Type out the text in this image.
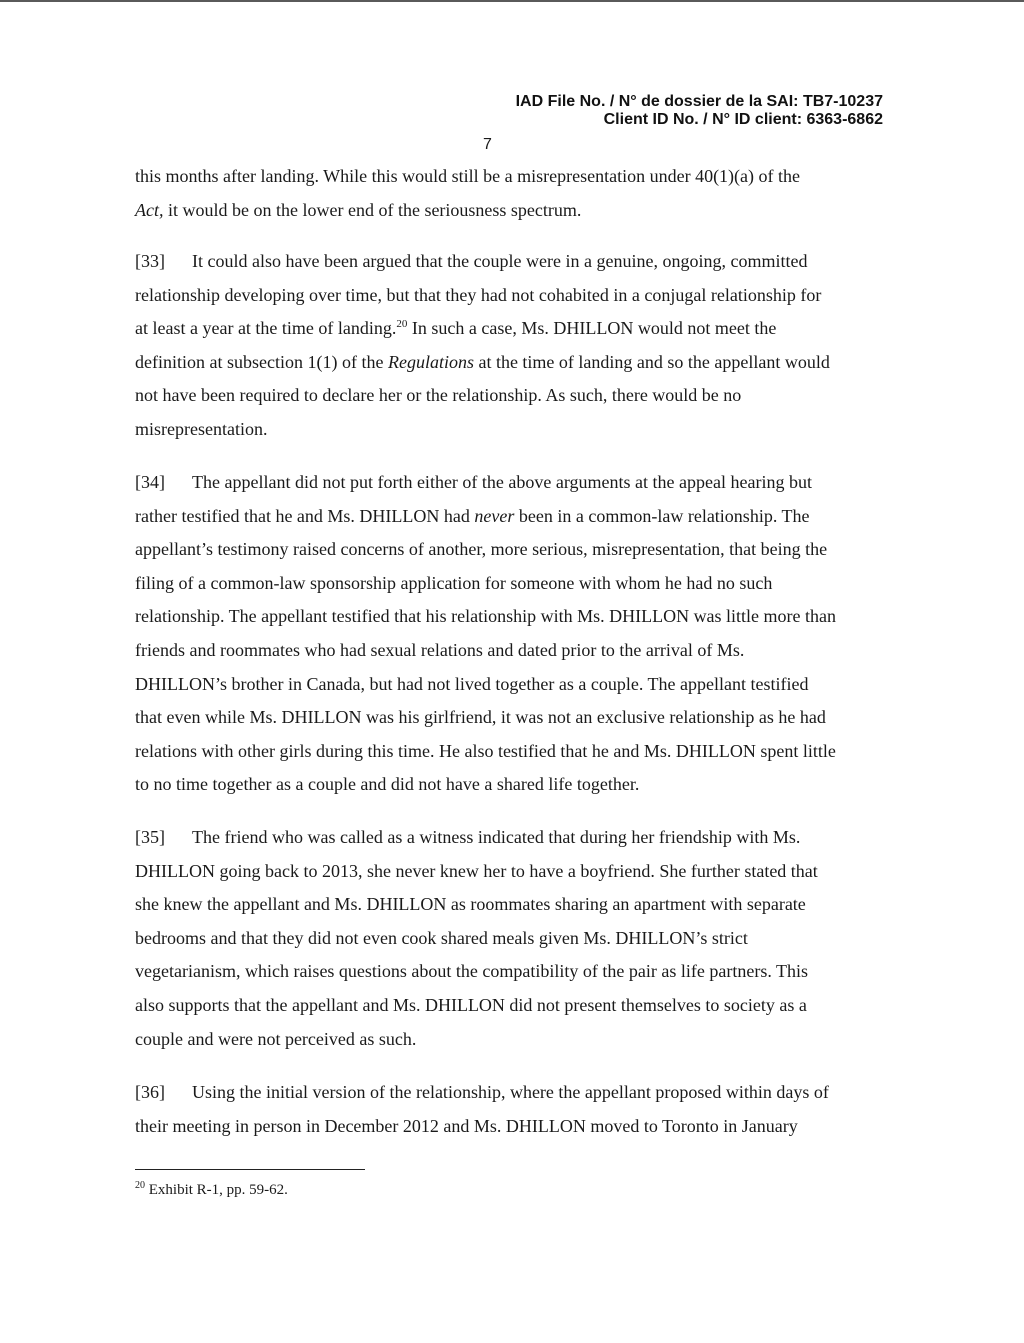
IAD File No. / N° de dossier de la SAI: TB7-10237
Client ID No. / N° ID client: 6363-6862
7
this months after landing. While this would still be a misrepresentation under 40(1)(a) of the
Act, it would be on the lower end of the seriousness spectrum.
[33] It could also have been argued that the couple were in a genuine, ongoing, committed
relationship developing over time, but that they had not cohabited in a conjugal relationship for
at least a year at the time of landing.$^{20}$ In such a case, Ms. DHILLON would not meet the
definition at subsection 1(1) of the Regulations at the time of landing and so the appellant would
not have been required to declare her or the relationship. As such, there would be no
misrepresentation.
[34] The appellant did not put forth either of the above arguments at the appeal hearing but
rather testified that he and Ms. DHILLON had never been in a common-law relationship. The
appellant’s testimony raised concerns of another, more serious, misrepresentation, that being the
filing of a common-law sponsorship application for someone with whom he had no such
relationship. The appellant testified that his relationship with Ms. DHILLON was little more than
friends and roommates who had sexual relations and dated prior to the arrival of Ms.
DHILLON’s brother in Canada, but had not lived together as a couple. The appellant testified
that even while Ms. DHILLON was his girlfriend, it was not an exclusive relationship as he had
relations with other girls during this time. He also testified that he and Ms. DHILLON spent little
to no time together as a couple and did not have a shared life together.
[35] The friend who was called as a witness indicated that during her friendship with Ms.
DHILLON going back to 2013, she never knew her to have a boyfriend. She further stated that
she knew the appellant and Ms. DHILLON as roommates sharing an apartment with separate
bedrooms and that they did not even cook shared meals given Ms. DHILLON’s strict
vegetarianism, which raises questions about the compatibility of the pair as life partners. This
also supports that the appellant and Ms. DHILLON did not present themselves to society as a
couple and were not perceived as such.
[36] Using the initial version of the relationship, where the appellant proposed within days of
their meeting in person in December 2012 and Ms. DHILLON moved to Toronto in January
$^{20}$ Exhibit R-1, pp. 59-62.
